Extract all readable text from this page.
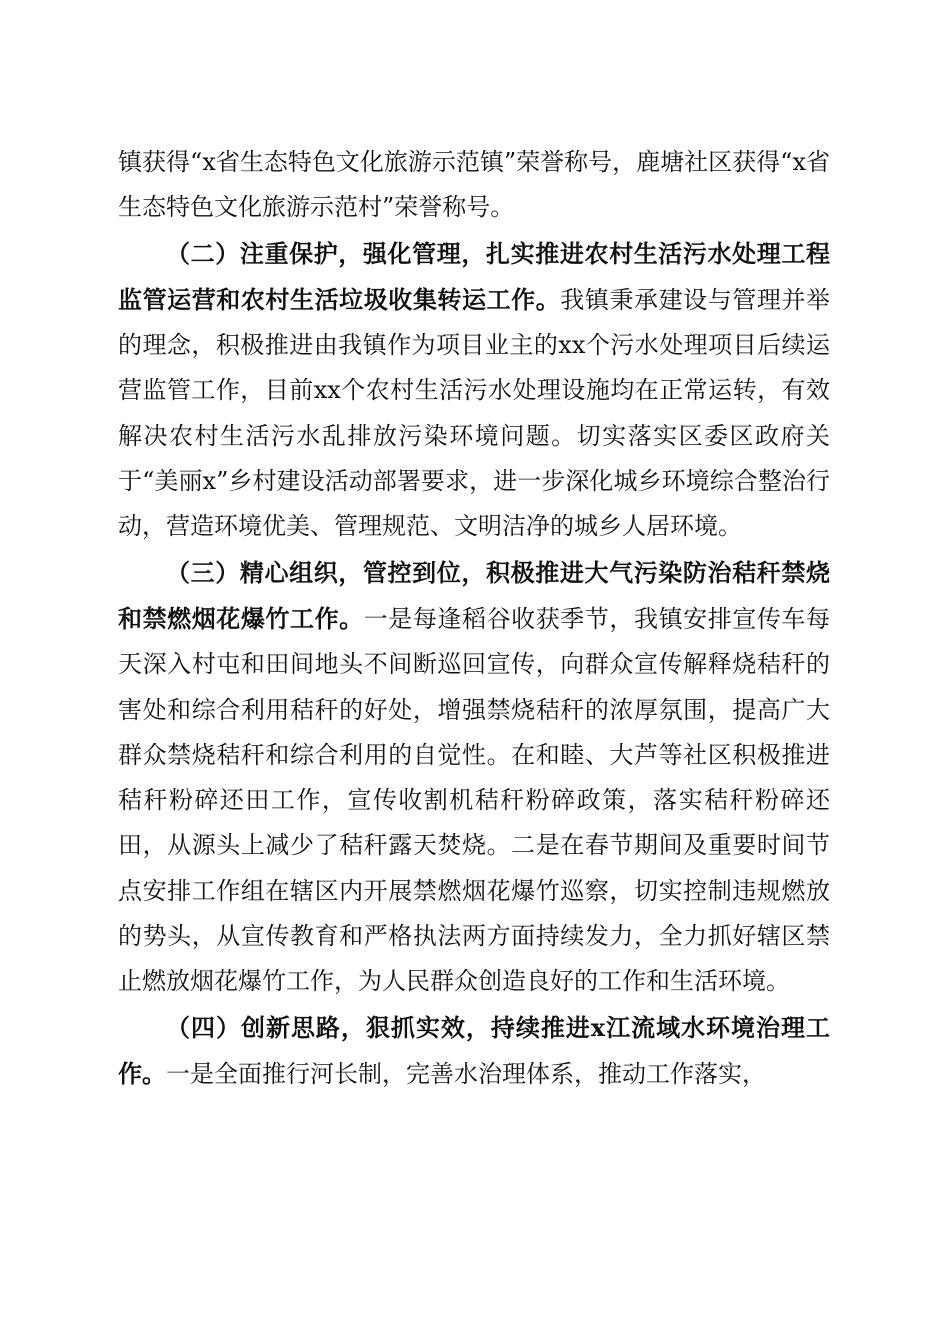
镇获得“x省生态特色文化旅游示范镇”荣誉称号，鹿塘社区获得“x省生态特色文化旅游示范村”荣誉称号。

（二）注重保护，强化管理，扎实推进农村生活污水处理工程监管运营和农村生活垃圾收集转运工作。我镇秉承建设与管理并举的理念，积极推进由我镇作为项目业主的xx个污水处理项目后续运营监管工作，目前xx个农村生活污水处理设施均在正常运转，有效解决农村生活污水乱排放污染环境问题。切实落实区委区政府关于“美丽x”乡村建设活动部署要求，进一步深化城乡环境综合整治行动，营造环境优美、管理规范、文明洁净的城乡人居环境。

（三）精心组织，管控到位，积极推进大气污染防治秸秆禁烧和禁燃烟花爆竹工作。一是每逢稻谷收获季节，我镇安排宣传车每天深入村屯和田间地头不间断巡回宣传，向群众宣传解释烧秸秆的害处和综合利用秸秆的好处，增强禁烧秸秆的浓厚氛围，提高广大群众禁烧秸秆和综合利用的自觉性。在和睦、大芦等社区积极推进秸秆粉碎还田工作，宣传收割机秸秆粉碎政策，落实秸秆粉碎还田，从源头上减少了秸秆露天焚烧。二是在春节期间及重要时间节点安排工作组在辖区内开展禁燃烟花爆竹巡察，切实控制违规燃放的势头，从宣传教育和严格执法两方面持续发力，全力抓好辖区禁止燃放烟花爆竹工作，为人民群众创造良好的工作和生活环境。

（四）创新思路，狠抓实效，持续推进x江流域水环境治理工作。一是全面推行河长制，完善水治理体系，推动工作落实，
